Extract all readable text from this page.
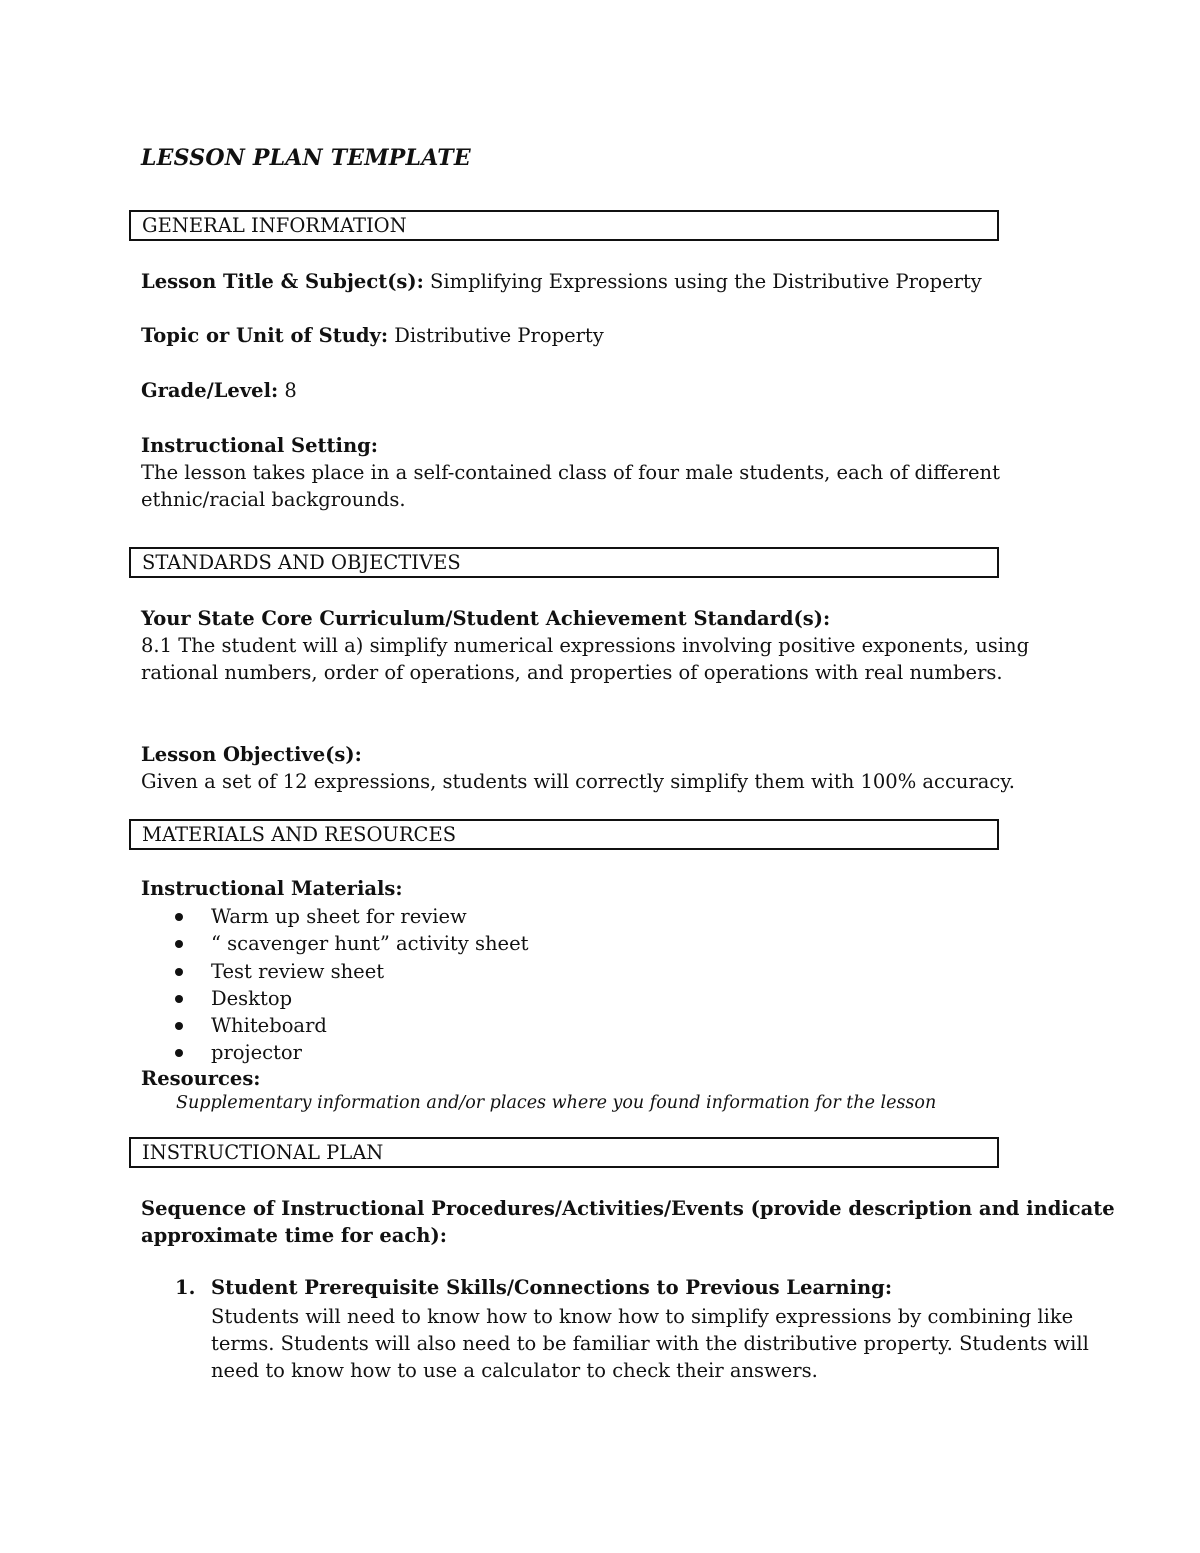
LESSON PLAN TEMPLATE
GENERAL INFORMATION
Lesson Title & Subject(s): Simplifying Expressions using the Distributive Property
Topic or Unit of Study: Distributive Property
Grade/Level: 8
Instructional Setting:
The lesson takes place in a self-contained class of four male students, each of different
ethnic/racial backgrounds.
STANDARDS AND OBJECTIVES
Your State Core Curriculum/Student Achievement Standard(s):
8.1 The student will a) simplify numerical expressions involving positive exponents, using
rational numbers, order of operations, and properties of operations with real numbers.
Lesson Objective(s):
Given a set of 12 expressions, students will correctly simplify them with 100% accuracy.
MATERIALS AND RESOURCES
Instructional Materials:
Warm up sheet for review
“ scavenger hunt” activity sheet
Test review sheet
Desktop
Whiteboard
projector
Resources:
Supplementary information and/or places where you found information for the lesson
INSTRUCTIONAL PLAN
Sequence of Instructional Procedures/Activities/Events (provide description and indicate
approximate time for each):
1. Student Prerequisite Skills/Connections to Previous Learning:
Students will need to know how to know how to simplify expressions by combining like
terms. Students will also need to be familiar with the distributive property. Students will
need to know how to use a calculator to check their answers.
